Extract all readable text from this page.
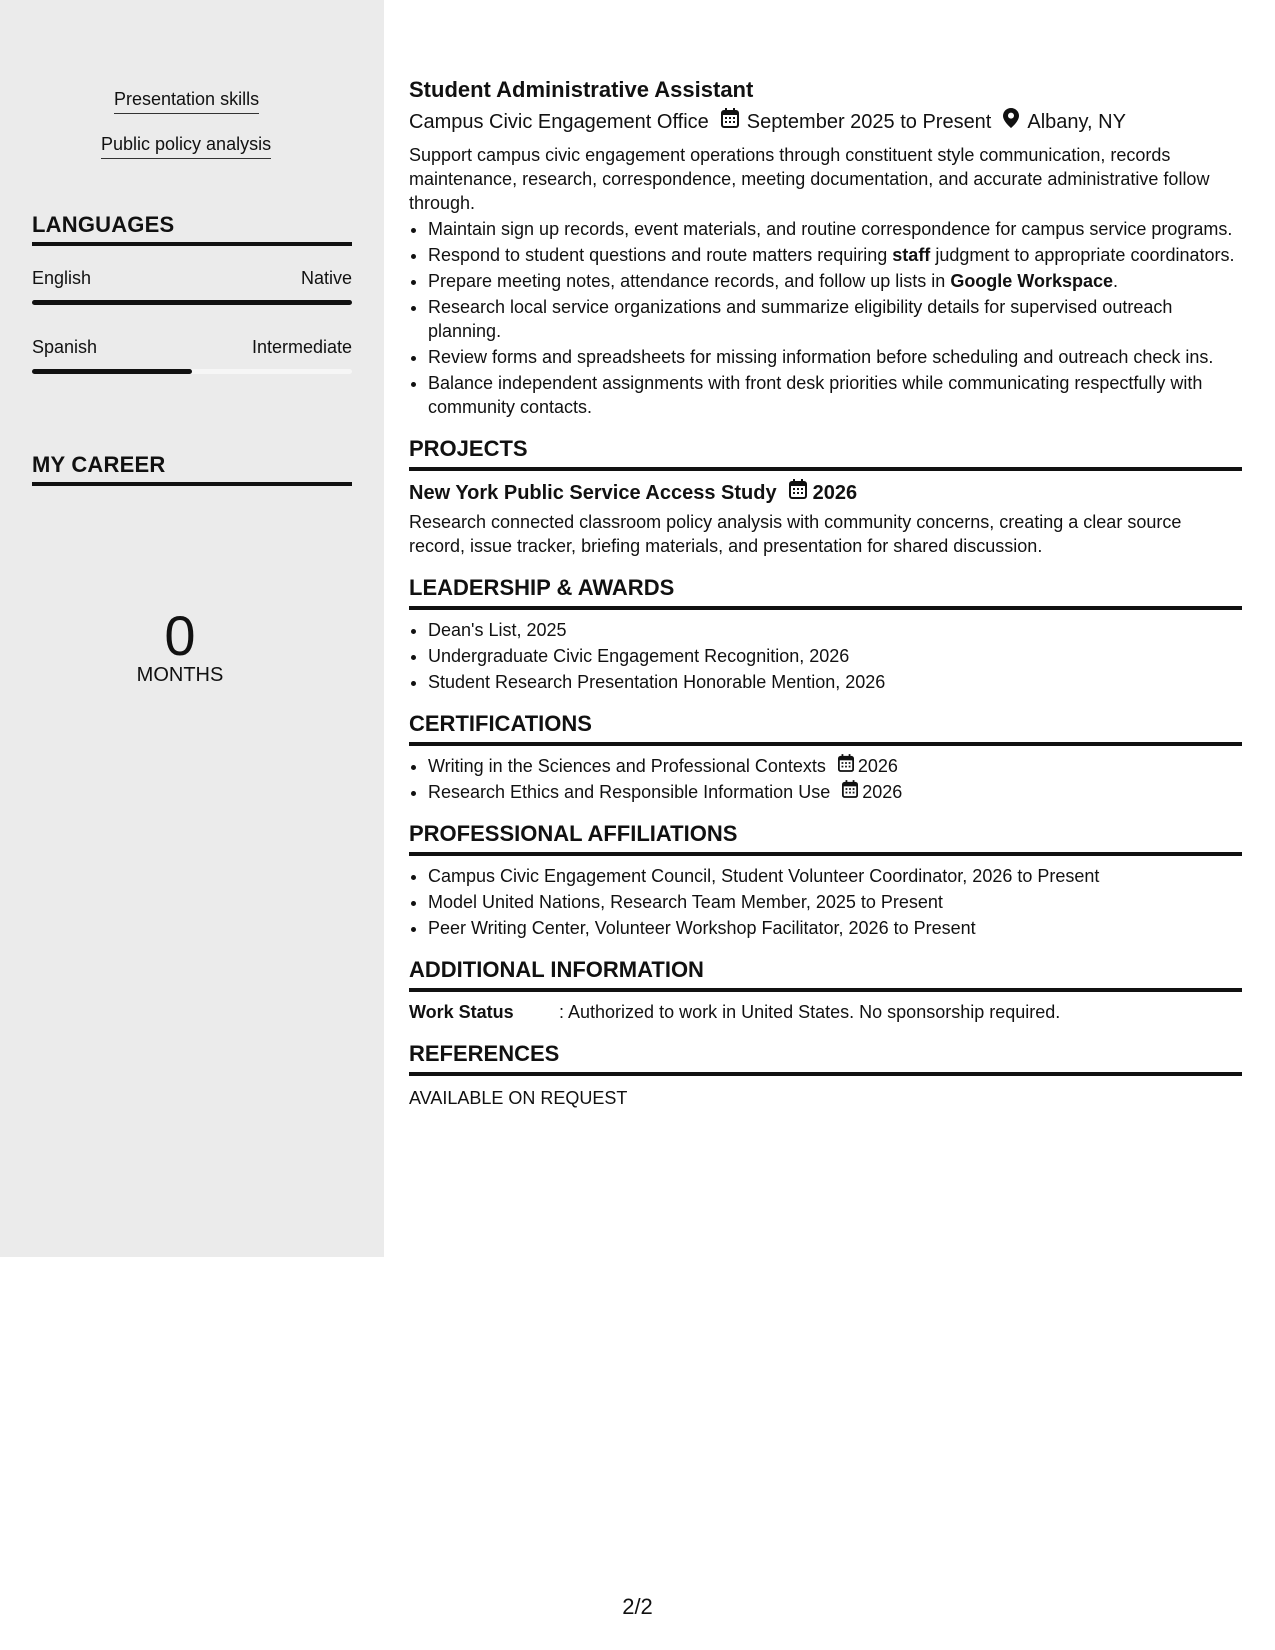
Presentation skills
Public policy analysis
LANGUAGES
English	Native
Spanish	Intermediate
MY CAREER
0
MONTHS
Student Administrative Assistant
Campus Civic Engagement Office September 2025 to Present Albany, NY

Support campus civic engagement operations through constituent style communication, records maintenance, research, correspondence, meeting documentation, and accurate administrative follow through.

• Maintain sign up records, event materials, and routine correspondence for campus service programs.
• Respond to student questions and route matters requiring staff judgment to appropriate coordinators.
• Prepare meeting notes, attendance records, and follow up lists in Google Workspace.
• Research local service organizations and summarize eligibility details for supervised outreach planning.
• Review forms and spreadsheets for missing information before scheduling and outreach check ins.
• Balance independent assignments with front desk priorities while communicating respectfully with community contacts.
PROJECTS
New York Public Service Access Study 2026

Research connected classroom policy analysis with community concerns, creating a clear source record, issue tracker, briefing materials, and presentation for shared discussion.

LEADERSHIP & AWARDS
• Dean's List, 2025
• Undergraduate Civic Engagement Recognition, 2026
• Student Research Presentation Honorable Mention, 2026
CERTIFICATIONS
• Writing in the Sciences and Professional Contexts 2026
• Research Ethics and Responsible Information Use 2026
PROFESSIONAL AFFILIATIONS
• Campus Civic Engagement Council, Student Volunteer Coordinator, 2026 to Present
• Model United Nations, Research Team Member, 2025 to Present
• Peer Writing Center, Volunteer Workshop Facilitator, 2026 to Present
ADDITIONAL INFORMATION
Work Status	: Authorized to work in United States. No sponsorship required.
REFERENCES
AVAILABLE ON REQUEST
2/2
